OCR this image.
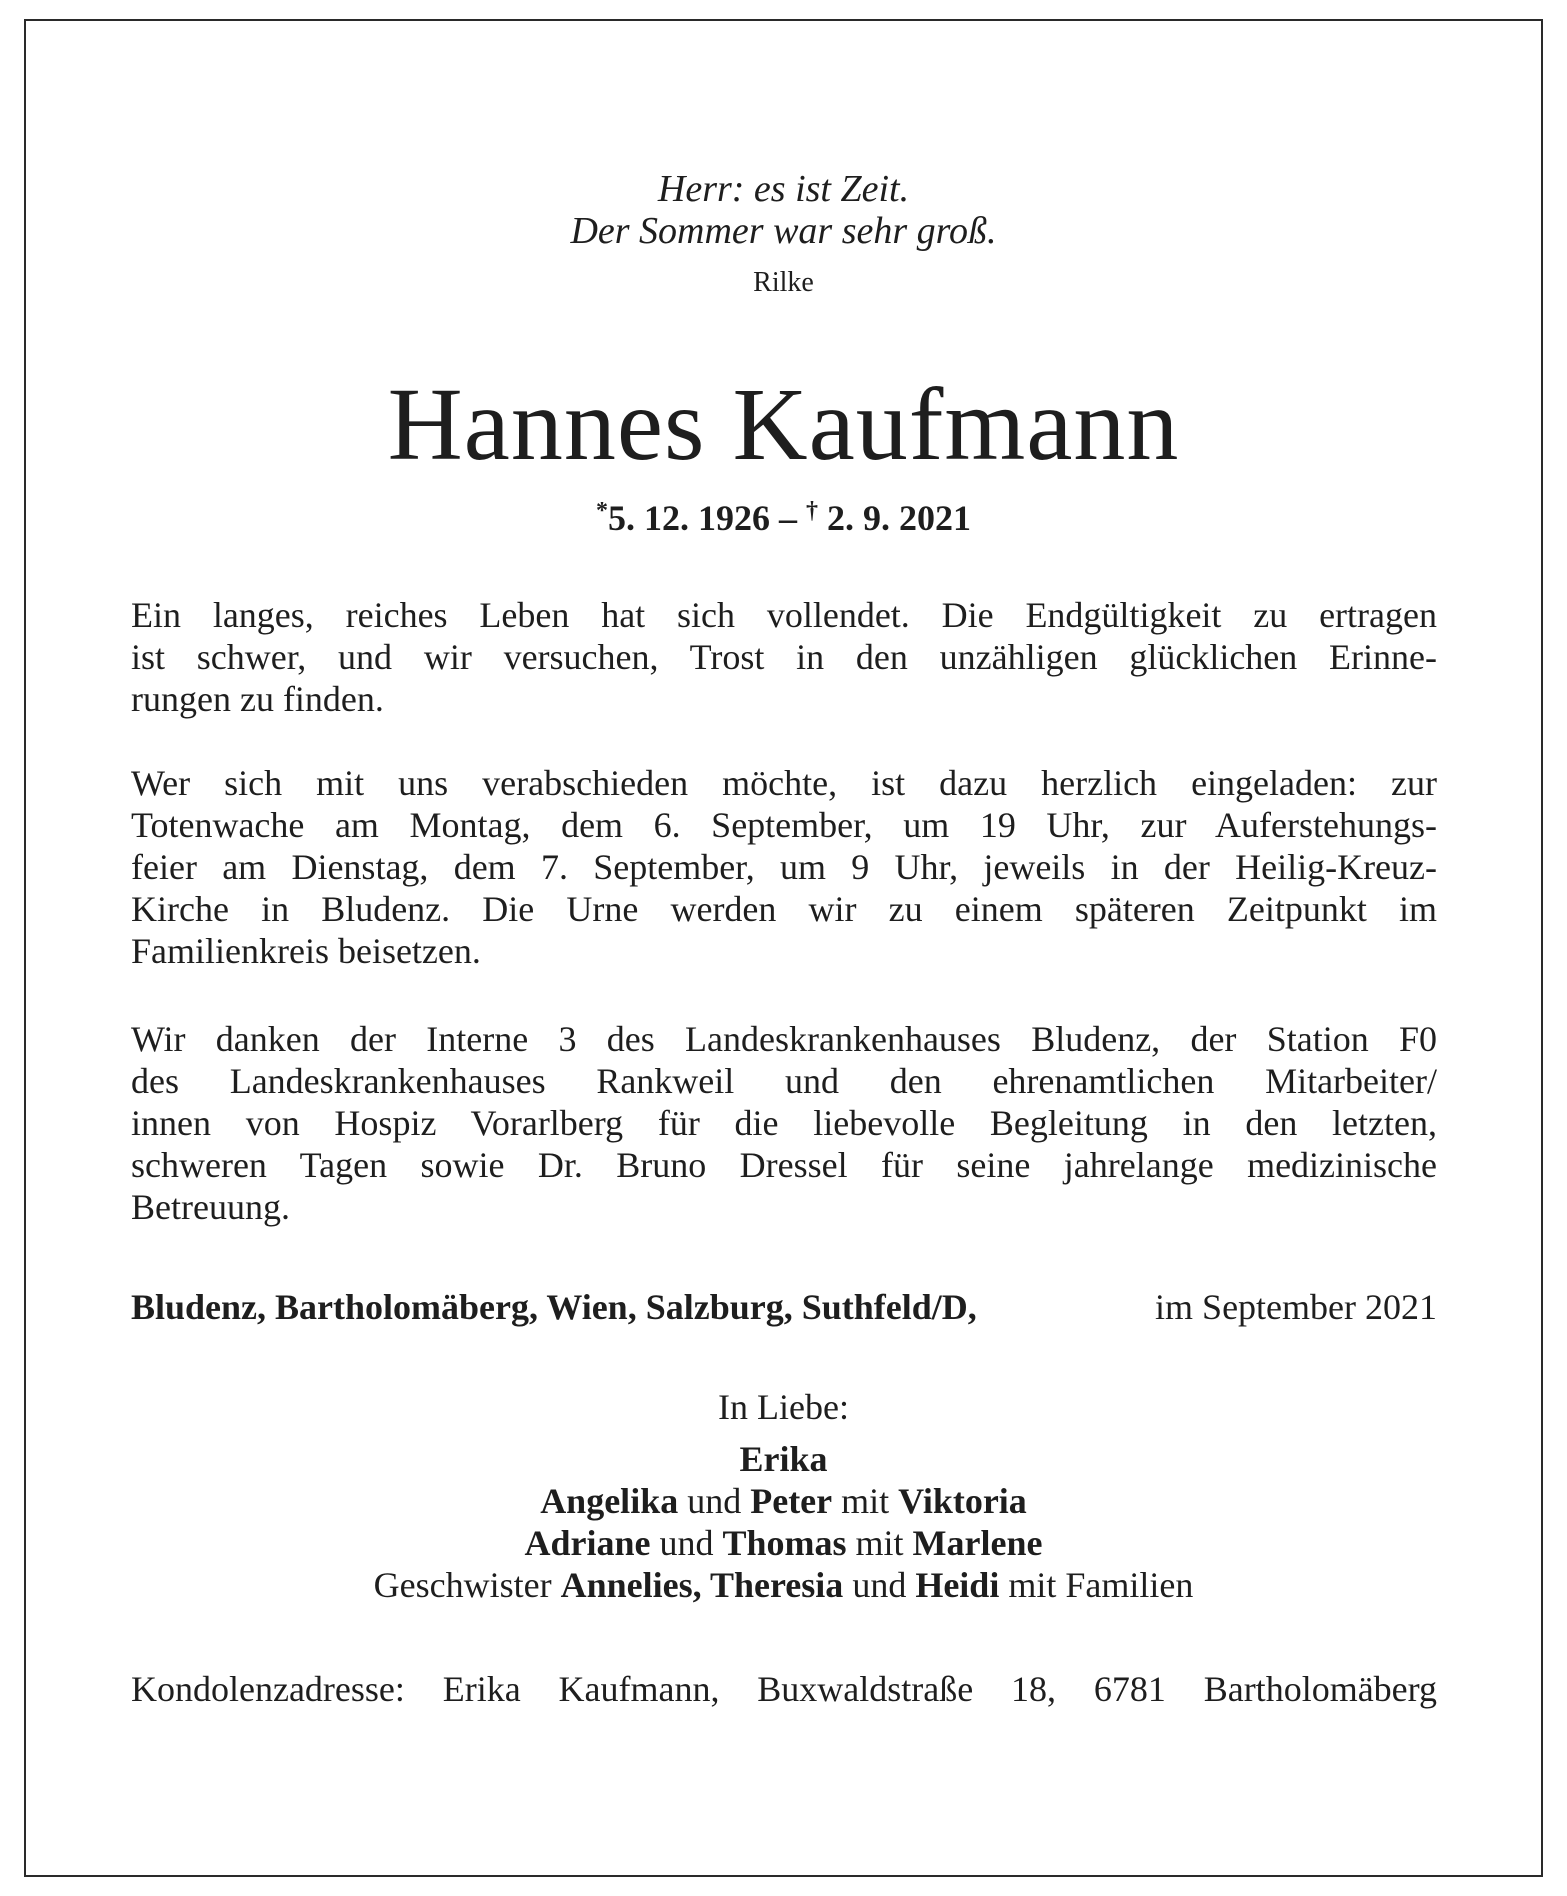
Herr: es ist Zeit.
Der Sommer war sehr groß.
Rilke
Hannes Kaufmann
*5. 12. 1926 – † 2. 9. 2021

Ein langes, reiches Leben hat sich vollendet. Die Endgültigkeit zu ertragen
ist schwer, und wir versuchen, Trost in den unzähligen glücklichen Erinne-
rungen zu finden.

Wer sich mit uns verabschieden möchte, ist dazu herzlich eingeladen: zur
Totenwache am Montag, dem 6. September, um 19 Uhr, zur Auferstehungs-
feier am Dienstag, dem 7. September, um 9 Uhr, jeweils in der Heilig-Kreuz-
Kirche in Bludenz. Die Urne werden wir zu einem späteren Zeitpunkt im
Familienkreis beisetzen.

Wir danken der Interne 3 des Landeskrankenhauses Bludenz, der Station F0
des Landeskrankenhauses Rankweil und den ehrenamtlichen Mitarbeiter/
innen von Hospiz Vorarlberg für die liebevolle Begleitung in den letzten,
schweren Tagen sowie Dr. Bruno Dressel für seine jahrelange medizinische
Betreuung.

Bludenz, Bartholomäberg, Wien, Salzburg, Suthfeld/D,	im September 2021
In Liebe:
Erika
Angelika und Peter mit Viktoria
Adriane und Thomas mit Marlene
Geschwister Annelies, Theresia und Heidi mit Familien
Kondolenzadresse: Erika Kaufmann, Buxwaldstraße 18, 6781 Bartholomäberg
